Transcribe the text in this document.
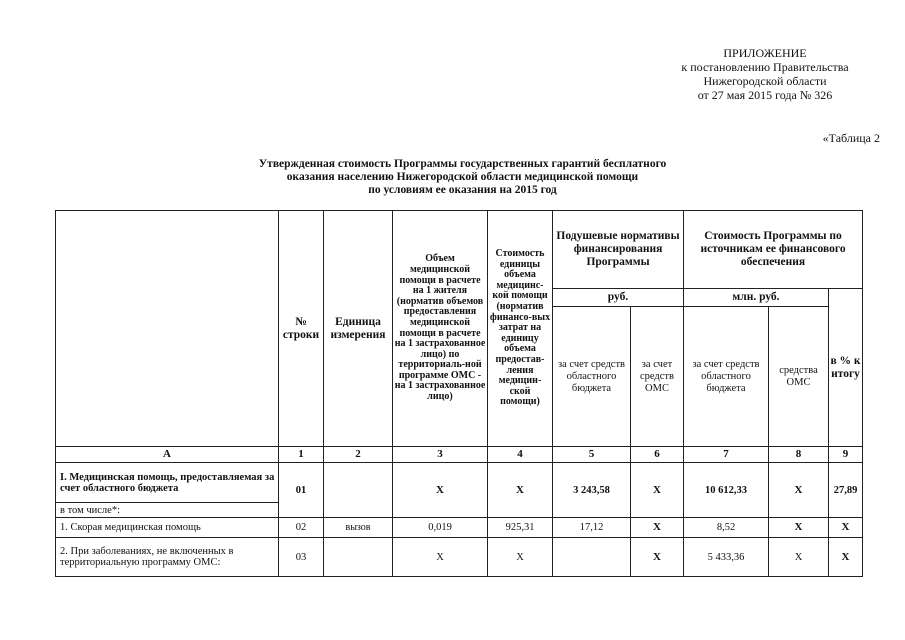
ПРИЛОЖЕНИЕ
к постановлению Правительства
Нижегородской области
от 27 мая 2015 года № 326
«Таблица 2
Утвержденная стоимость Программы государственных гарантий бесплатного
оказания населению Нижегородской области медицинской помощи
по условиям ее оказания на 2015 год
	№ строки	Единица измерения	Объем медицинской помощи в расчете на 1 жителя (норматив объемов предоставления медицинской помощи в расчете на 1 застрахованное лицо) по территориаль-ной программе ОМС - на 1 застрахованное лицо)	Стоимость единицы объема медицинс-кой помощи (норматив финансо-вых затрат на единицу объема предостав-ления медицин-ской помощи)	Подушевые нормативы финансирования Программы		Стоимость Программы по источникам ее финансового обеспечения		
					руб.		млн. руб.		в % к итогу
					за счет средств областного бюджета	за счет средств ОМС	за счет средств областного бюджета	средства ОМС	
А	1	2	3	4	5	6	7	8	9
I. Медицинская помощь, предоставляемая за счет областного бюджета	01		Х	Х	3 243,58	Х	10 612,33	Х	27,89
в том числе*:									
1. Скорая медицинская помощь	02	вызов	0,019	925,31	17,12	Х	8,52	Х	Х
2. При заболеваниях, не включенных в территориальную программу ОМС:	03		Х	Х		Х	5 433,36	Х	Х
